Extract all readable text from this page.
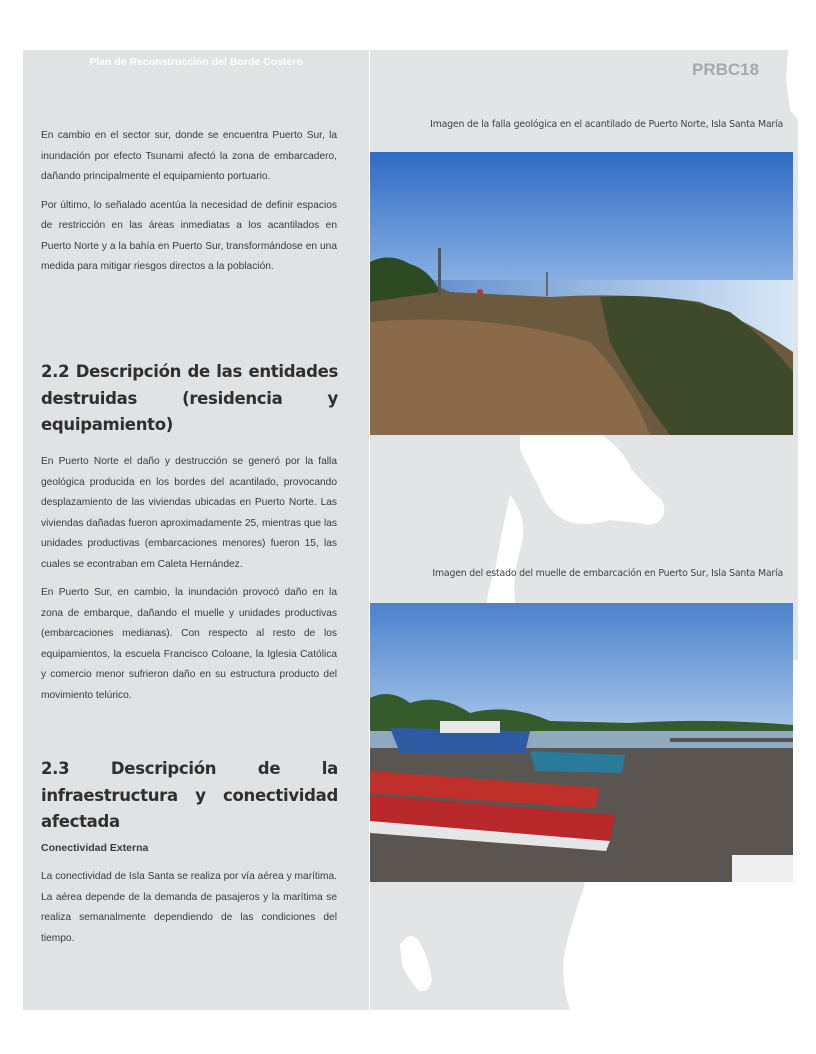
Plan de Reconstrucción del Borde Costero	PRBC18

En cambio en el sector sur, donde se encuentra Puerto Sur, la inundación por efecto Tsunami afectó la zona de embarcadero, dañando principalmente el equipamiento portuario.

Por último, lo señalado acentúa la necesidad de definir espacios de restricción en las áreas inmediatas a los acantilados en Puerto Norte y a la bahía en Puerto Sur, transformándose en una medida para mitigar riesgos directos a la población.

2.2 Descripción de las entidades destruidas (residencia y equipamiento)

En Puerto Norte el daño y destrucción se generó por la falla geológica producida en los bordes del acantilado, provocando desplazamiento de las viviendas ubicadas en Puerto Norte. Las viviendas dañadas fueron aproximadamente 25, mientras que las unidades productivas (embarcaciones menores) fueron 15, las cuales se econtraban em Caleta Hernández.

En Puerto Sur, en cambio, la inundación provocó daño en la zona de embarque, dañando el muelle y unidades productivas (embarcaciones medianas). Con respecto al resto de los equipamientos, la escuela Francisco Coloane, la Iglesia Católica y comercio menor sufrieron daño en su estructura producto del movimiento telúrico.

2.3 Descripción de la infraestructura y conectividad afectada
Conectividad Externa

La conectividad de Isla Santa se realiza por vía aérea y marítima. La aérea depende de la demanda de pasajeros y la marítima se realiza semanalmente dependiendo de las condiciones del tiempo.

Imagen de la falla geológica en el acantilado de Puerto Norte, Isla Santa María
Imagen del estado del muelle de embarcación en Puerto Sur, Isla Santa María
13
